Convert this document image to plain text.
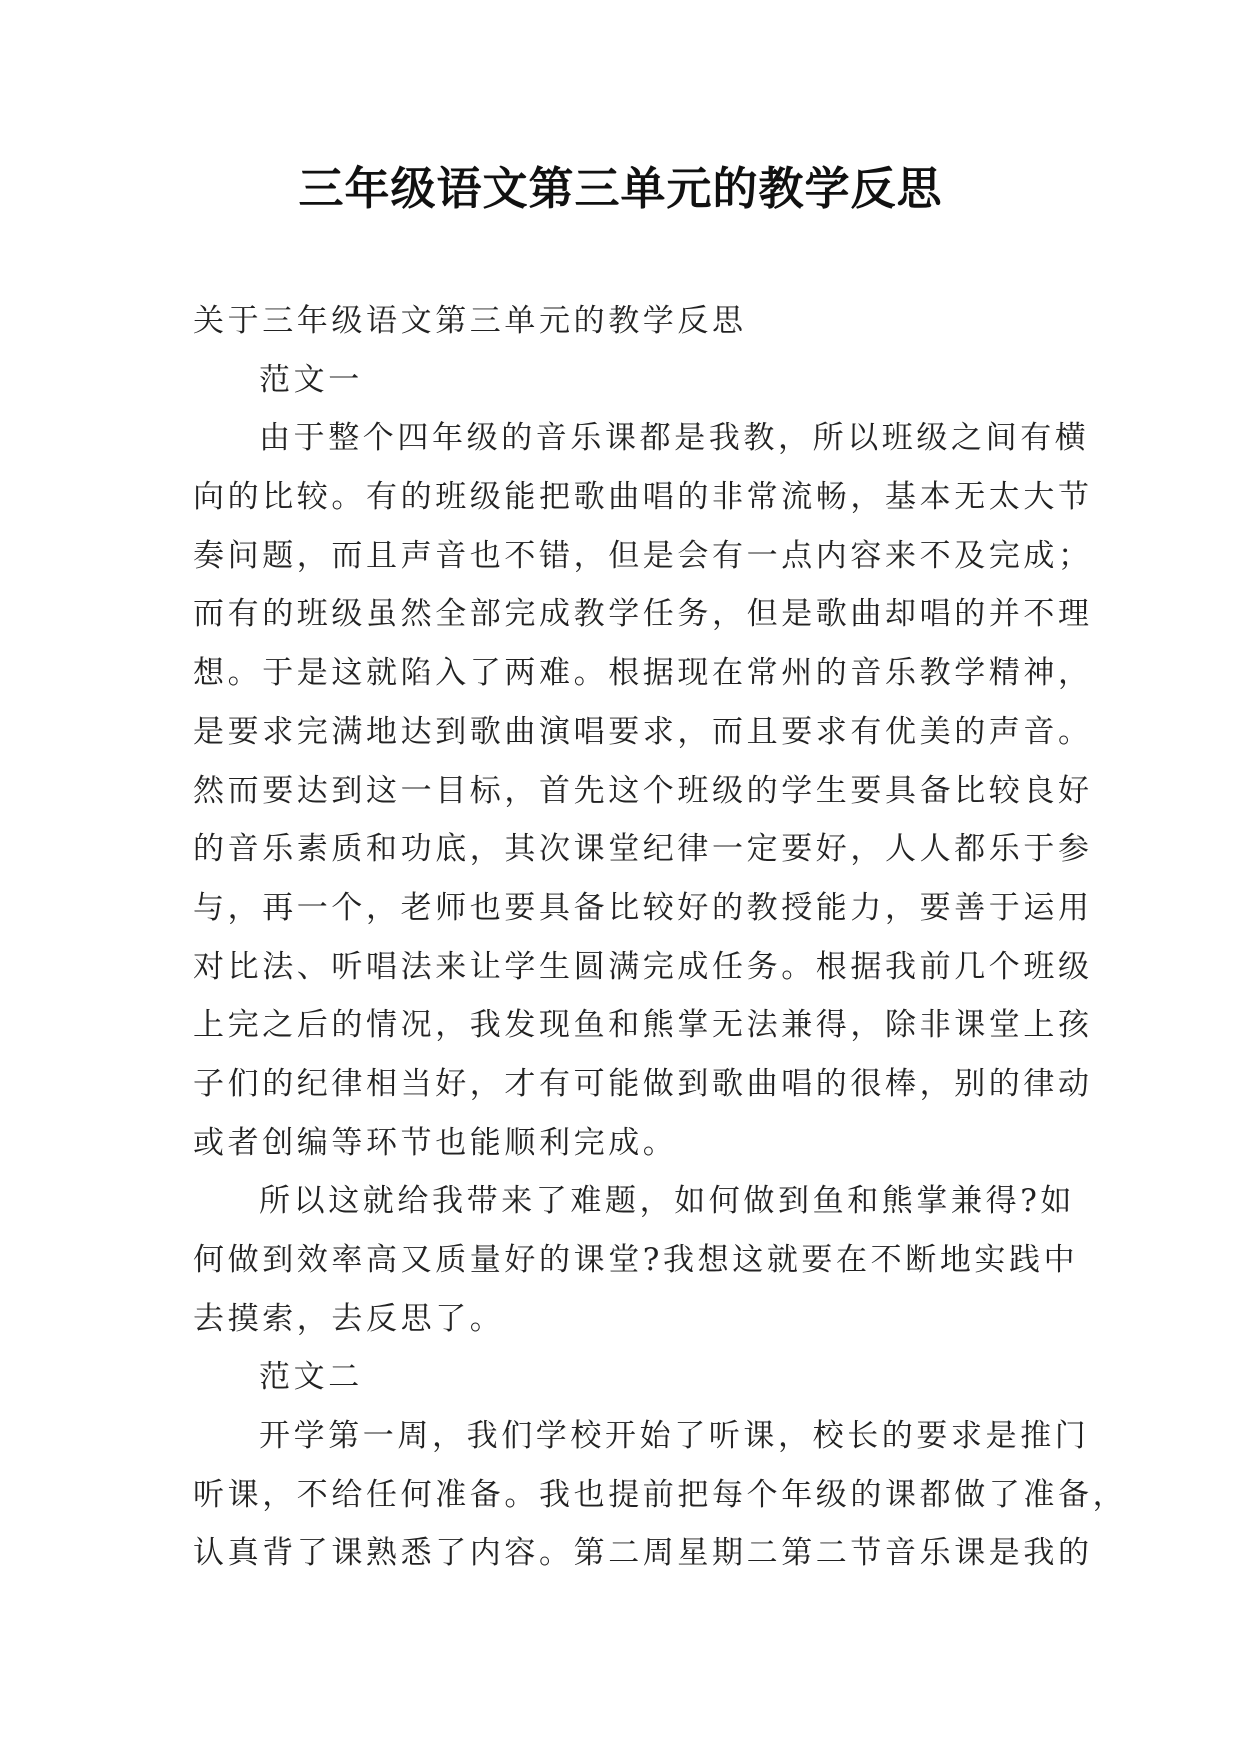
三年级语文第三单元的教学反思
关于三年级语文第三单元的教学反思
范文一
由于整个四年级的音乐课都是我教，所以班级之间有横
向的比较。有的班级能把歌曲唱的非常流畅，基本无太大节
奏问题，而且声音也不错，但是会有一点内容来不及完成；
而有的班级虽然全部完成教学任务，但是歌曲却唱的并不理
想。于是这就陷入了两难。根据现在常州的音乐教学精神，
是要求完满地达到歌曲演唱要求，而且要求有优美的声音。
然而要达到这一目标，首先这个班级的学生要具备比较良好
的音乐素质和功底，其次课堂纪律一定要好，人人都乐于参
与，再一个，老师也要具备比较好的教授能力，要善于运用
对比法、听唱法来让学生圆满完成任务。根据我前几个班级
上完之后的情况，我发现鱼和熊掌无法兼得，除非课堂上孩
子们的纪律相当好，才有可能做到歌曲唱的很棒，别的律动
或者创编等环节也能顺利完成。
所以这就给我带来了难题，如何做到鱼和熊掌兼得?如
何做到效率高又质量好的课堂?我想这就要在不断地实践中
去摸索，去反思了。
范文二
开学第一周，我们学校开始了听课，校长的要求是推门
听课，不给任何准备。我也提前把每个年级的课都做了准备，
认真背了课熟悉了内容。第二周星期二第二节音乐课是我的
